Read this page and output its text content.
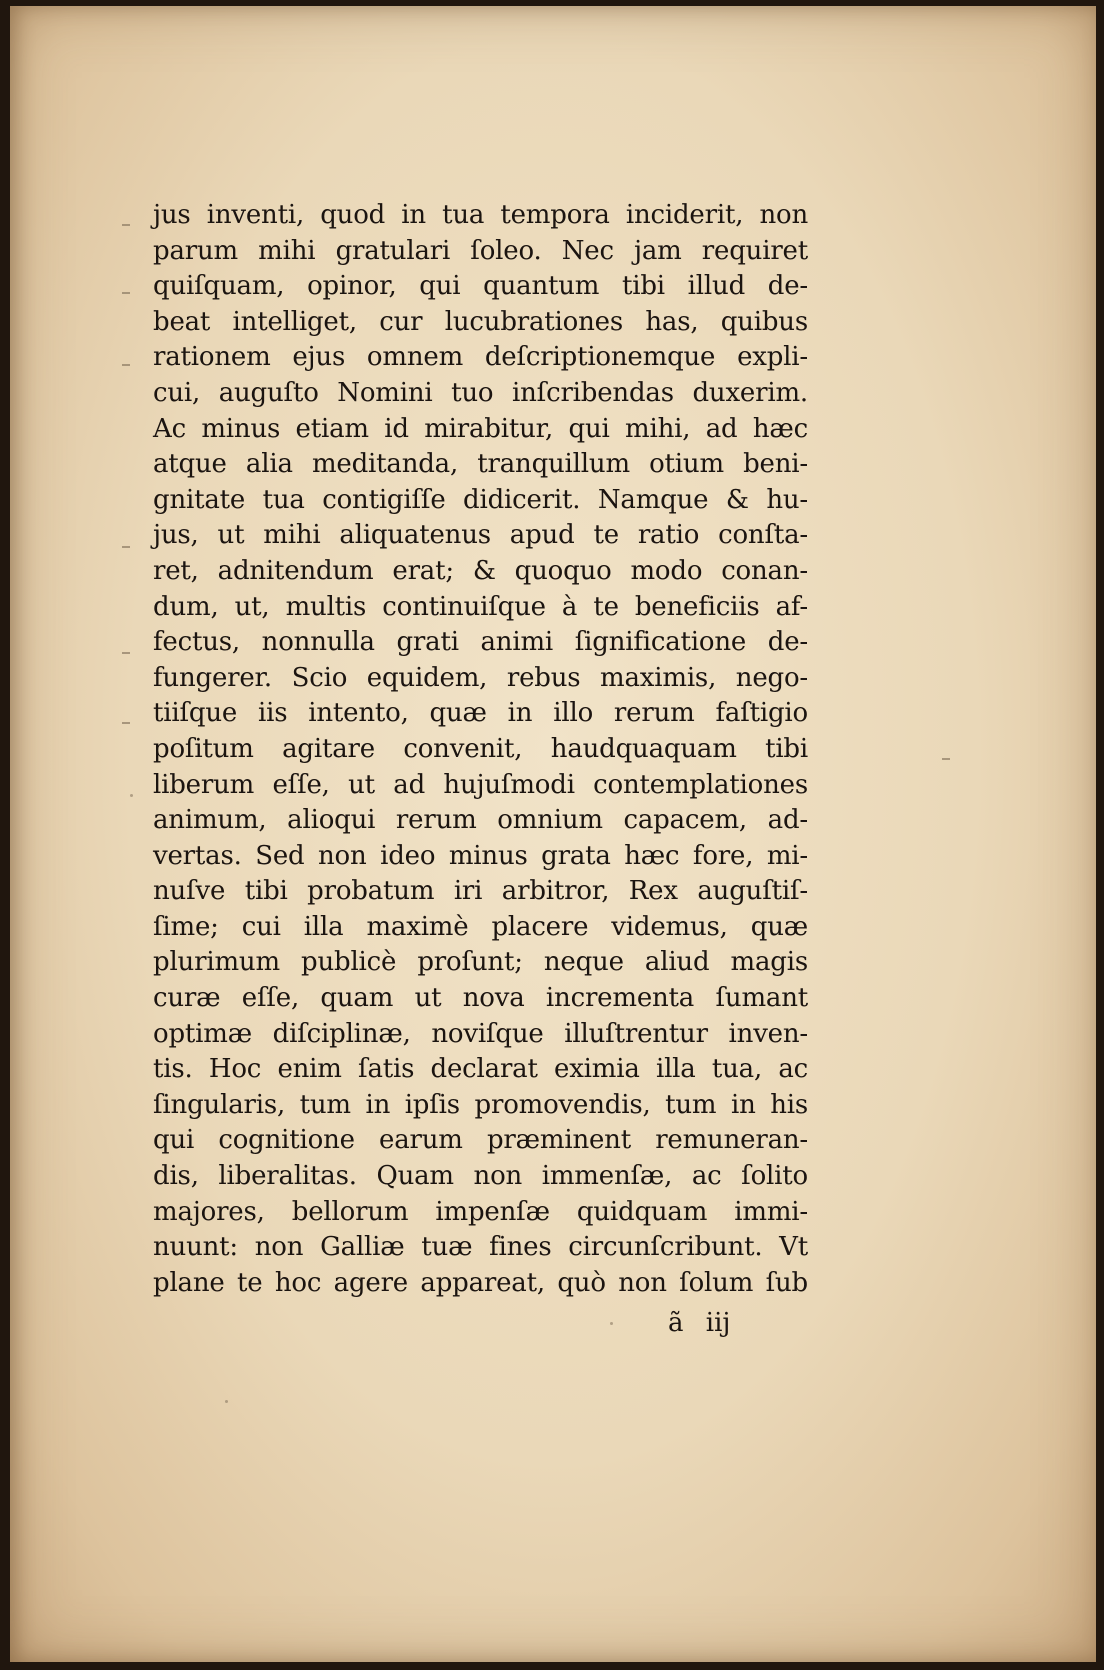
jus inventi, quod in tua tempora inciderit, non
parum mihi gratulari ſoleo. Nec jam requiret
quiſquam, opinor, qui quantum tibi illud de-
beat intelliget, cur lucubrationes has, quibus
rationem ejus omnem deſcriptionemque expli-
cui, auguſto Nomini tuo inſcribendas duxerim.
Ac minus etiam id mirabitur, qui mihi, ad hæc
atque alia meditanda, tranquillum otium beni-
gnitate tua contigiſſe didicerit. Namque & hu-
jus, ut mihi aliquatenus apud te ratio conſta-
ret, adnitendum erat; & quoquo modo conan-
dum, ut, multis continuiſque à te beneficiis af-
fectus, nonnulla grati animi ſignificatione de-
fungerer. Scio equidem, rebus maximis, nego-
tiiſque iis intento, quæ in illo rerum faſtigio
poſitum agitare convenit, haudquaquam tibi
liberum eſſe, ut ad hujuſmodi contemplationes
animum, alioqui rerum omnium capacem, ad-
vertas. Sed non ideo minus grata hæc fore, mi-
nuſve tibi probatum iri arbitror, Rex auguſtiſ-
ſime; cui illa maximè placere videmus, quæ
plurimum publicè proſunt; neque aliud magis
curæ eſſe, quam ut nova incrementa ſumant
optimæ diſciplinæ, noviſque illuſtrentur inven-
tis. Hoc enim ſatis declarat eximia illa tua, ac
ſingularis, tum in ipſis promovendis, tum in his
qui cognitione earum præminent remuneran-
dis, liberalitas. Quam non immenſæ, ac ſolito
majores, bellorum impenſæ quidquam immi-
nuunt: non Galliæ tuæ fines circunſcribunt. Vt
plane te hoc agere appareat, quò non ſolum ſub
ã iij
